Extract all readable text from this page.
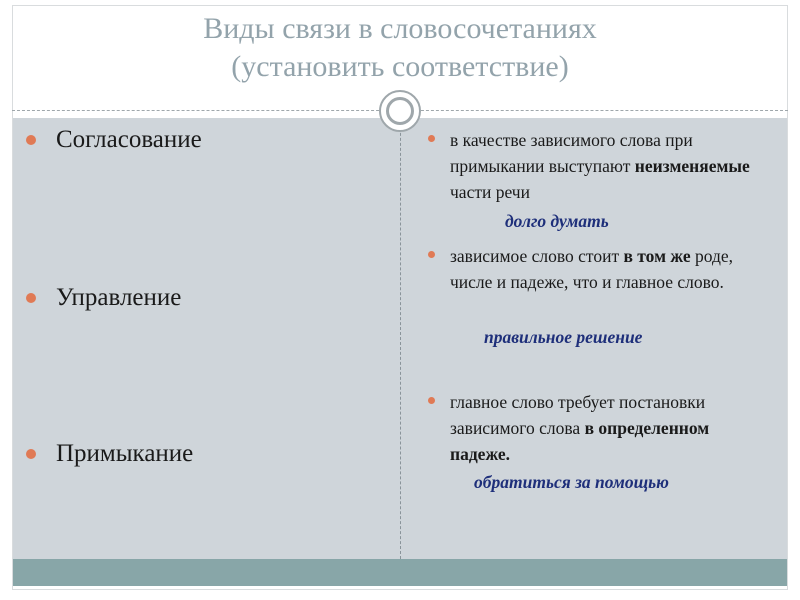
Виды связи в словосочетаниях
(установить соответствие)
Согласование
Управление
Примыкание
в качестве зависимого слова при примыкании выступают неизменяемые части речи
долго думать
зависимое слово стоит в том же роде, числе и падеже, что и главное слово.
правильное решение
главное слово требует постановки зависимого слова в определенном падеже.
обратиться за помощью
